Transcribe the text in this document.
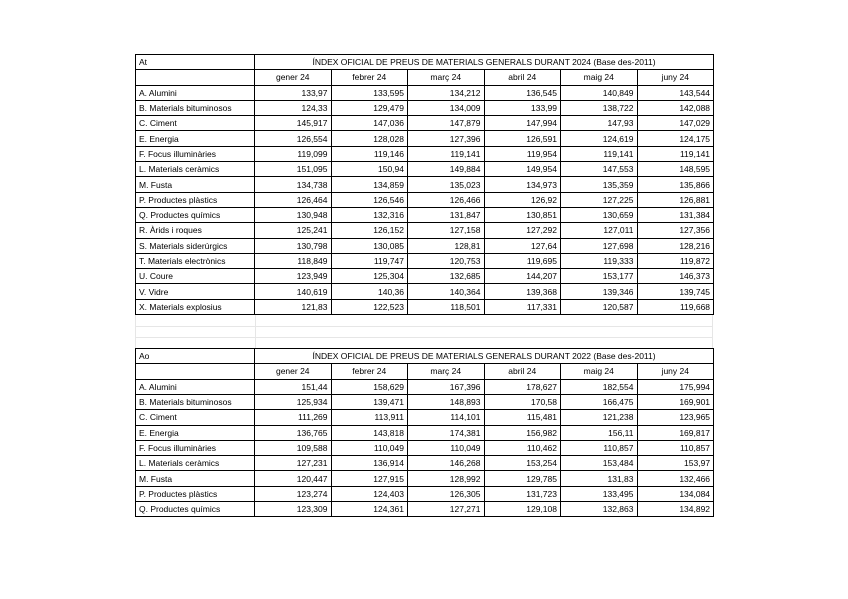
At	ÍNDEX OFICIAL DE PREUS DE MATERIALS GENERALS DURANT 2024 (Base des-2011)					
	gener 24	febrer 24	març 24	abril 24	maig 24	juny 24
A. Alumini	133,97	133,595	134,212	136,545	140,849	143,544
B. Materials bituminosos	124,33	129,479	134,009	133,99	138,722	142,088
C. Ciment	145,917	147,036	147,879	147,994	147,93	147,029
E. Energia	126,554	128,028	127,396	126,591	124,619	124,175
F. Focus illuminàries	119,099	119,146	119,141	119,954	119,141	119,141
L. Materials ceràmics	151,095	150,94	149,884	149,954	147,553	148,595
M. Fusta	134,738	134,859	135,023	134,973	135,359	135,866
P. Productes plàstics	126,464	126,546	126,466	126,92	127,225	126,881
Q. Productes químics	130,948	132,316	131,847	130,851	130,659	131,384
R. Àrids i roques	125,241	126,152	127,158	127,292	127,011	127,356
S. Materials siderúrgics	130,798	130,085	128,81	127,64	127,698	128,216
T. Materials electrònics	118,849	119,747	120,753	119,695	119,333	119,872
U. Coure	123,949	125,304	132,685	144,207	153,177	146,373
V. Vidre	140,619	140,36	140,364	139,368	139,346	139,745
X. Materials explosius	121,83	122,523	118,501	117,331	120,587	119,668
Ao	ÍNDEX OFICIAL DE PREUS DE MATERIALS GENERALS DURANT 2022 (Base des-2011)					
	gener 24	febrer 24	març 24	abril 24	maig 24	juny 24
A. Alumini	151,44	158,629	167,396	178,627	182,554	175,994
B. Materials bituminosos	125,934	139,471	148,893	170,58	166,475	169,901
C. Ciment	111,269	113,911	114,101	115,481	121,238	123,965
E. Energia	136,765	143,818	174,381	156,982	156,11	169,817
F. Focus illuminàries	109,588	110,049	110,049	110,462	110,857	110,857
L. Materials ceràmics	127,231	136,914	146,268	153,254	153,484	153,97
M. Fusta	120,447	127,915	128,992	129,785	131,83	132,466
P. Productes plàstics	123,274	124,403	126,305	131,723	133,495	134,084
Q. Productes químics	123,309	124,361	127,271	129,108	132,863	134,892
